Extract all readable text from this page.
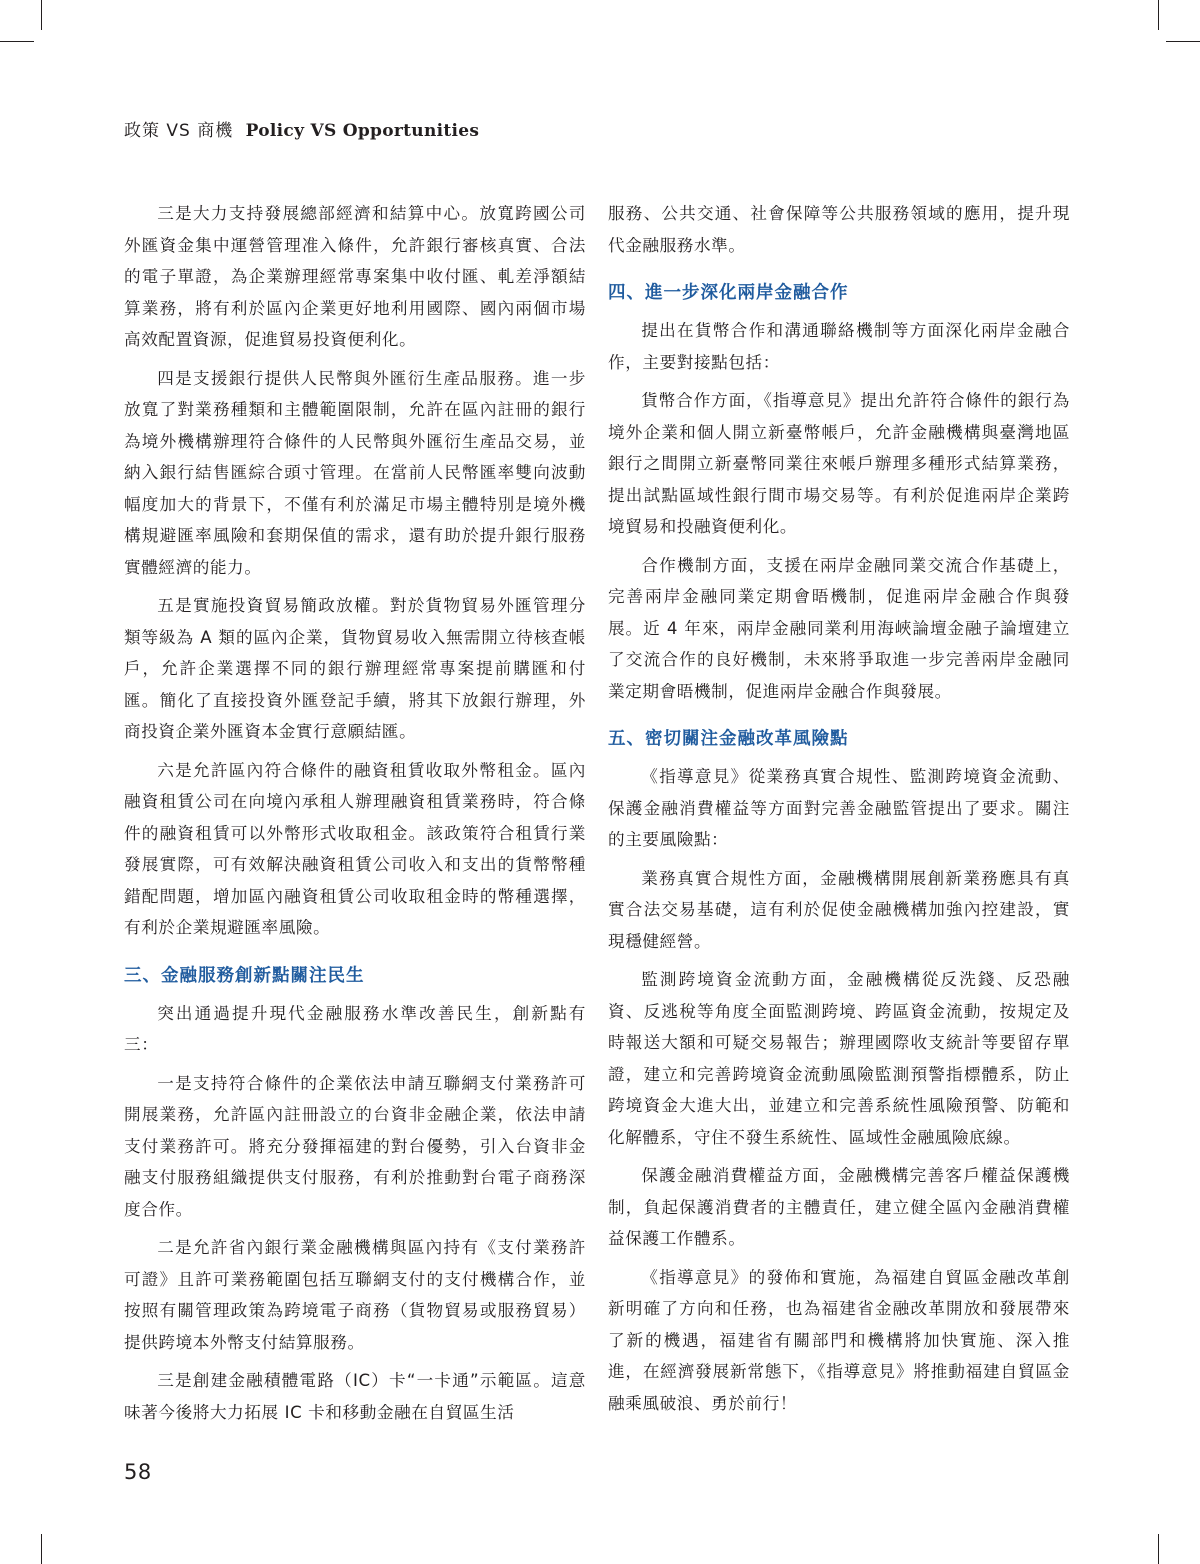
政策 VS 商機 Policy VS Opportunities

三是大力支持發展總部經濟和結算中心。放寬跨國公司外匯資金集中運營管理准入條件，允許銀行審核真實、合法的電子單證，為企業辦理經常專案集中收付匯、軋差淨額結算業務，將有利於區內企業更好地利用國際、國內兩個市場高效配置資源，促進貿易投資便利化。

四是支援銀行提供人民幣與外匯衍生產品服務。進一步放寬了對業務種類和主體範圍限制，允許在區內註冊的銀行為境外機構辦理符合條件的人民幣與外匯衍生產品交易，並納入銀行結售匯綜合頭寸管理。在當前人民幣匯率雙向波動幅度加大的背景下，不僅有利於滿足市場主體特別是境外機構規避匯率風險和套期保值的需求，還有助於提升銀行服務實體經濟的能力。

五是實施投資貿易簡政放權。對於貨物貿易外匯管理分類等級為 A 類的區內企業，貨物貿易收入無需開立待核查帳戶，允許企業選擇不同的銀行辦理經常專案提前購匯和付匯。簡化了直接投資外匯登記手續，將其下放銀行辦理，外商投資企業外匯資本金實行意願結匯。

六是允許區內符合條件的融資租賃收取外幣租金。區內融資租賃公司在向境內承租人辦理融資租賃業務時，符合條件的融資租賃可以外幣形式收取租金。該政策符合租賃行業發展實際，可有效解決融資租賃公司收入和支出的貨幣幣種錯配問題，增加區內融資租賃公司收取租金時的幣種選擇，有利於企業規避匯率風險。

三、金融服務創新點關注民生

突出通過提升現代金融服務水準改善民生，創新點有三：

一是支持符合條件的企業依法申請互聯網支付業務許可開展業務，允許區內註冊設立的台資非金融企業，依法申請支付業務許可。將充分發揮福建的對台優勢，引入台資非金融支付服務組織提供支付服務，有利於推動對台電子商務深度合作。

二是允許省內銀行業金融機構與區內持有《支付業務許可證》且許可業務範圍包括互聯網支付的支付機構合作，並按照有關管理政策為跨境電子商務（貨物貿易或服務貿易）提供跨境本外幣支付結算服務。

三是創建金融積體電路（IC）卡“一卡通”示範區。這意味著今後將大力拓展 IC 卡和移動金融在自貿區生活

服務、公共交通、社會保障等公共服務領域的應用，提升現代金融服務水準。

四、進一步深化兩岸金融合作

提出在貨幣合作和溝通聯絡機制等方面深化兩岸金融合作，主要對接點包括：

貨幣合作方面，《指導意見》提出允許符合條件的銀行為境外企業和個人開立新臺幣帳戶，允許金融機構與臺灣地區銀行之間開立新臺幣同業往來帳戶辦理多種形式結算業務，提出試點區域性銀行間市場交易等。有利於促進兩岸企業跨境貿易和投融資便利化。

合作機制方面，支援在兩岸金融同業交流合作基礎上，完善兩岸金融同業定期會晤機制，促進兩岸金融合作與發展。近 4 年來，兩岸金融同業利用海峽論壇金融子論壇建立了交流合作的良好機制，未來將爭取進一步完善兩岸金融同業定期會晤機制，促進兩岸金融合作與發展。

五、密切關注金融改革風險點

《指導意見》從業務真實合規性、監測跨境資金流動、保護金融消費權益等方面對完善金融監管提出了要求。關注的主要風險點：

業務真實合規性方面，金融機構開展創新業務應具有真實合法交易基礎，這有利於促使金融機構加強內控建設，實現穩健經營。

監測跨境資金流動方面，金融機構從反洗錢、反恐融資、反逃稅等角度全面監測跨境、跨區資金流動，按規定及時報送大額和可疑交易報告；辦理國際收支統計等要留存單證，建立和完善跨境資金流動風險監測預警指標體系，防止跨境資金大進大出，並建立和完善系統性風險預警、防範和化解體系，守住不發生系統性、區域性金融風險底線。

保護金融消費權益方面，金融機構完善客戶權益保護機制，負起保護消費者的主體責任，建立健全區內金融消費權益保護工作體系。

《指導意見》的發佈和實施，為福建自貿區金融改革創新明確了方向和任務，也為福建省金融改革開放和發展帶來了新的機遇，福建省有關部門和機構將加快實施、深入推進，在經濟發展新常態下，《指導意見》將推動福建自貿區金融乘風破浪、勇於前行！

58
